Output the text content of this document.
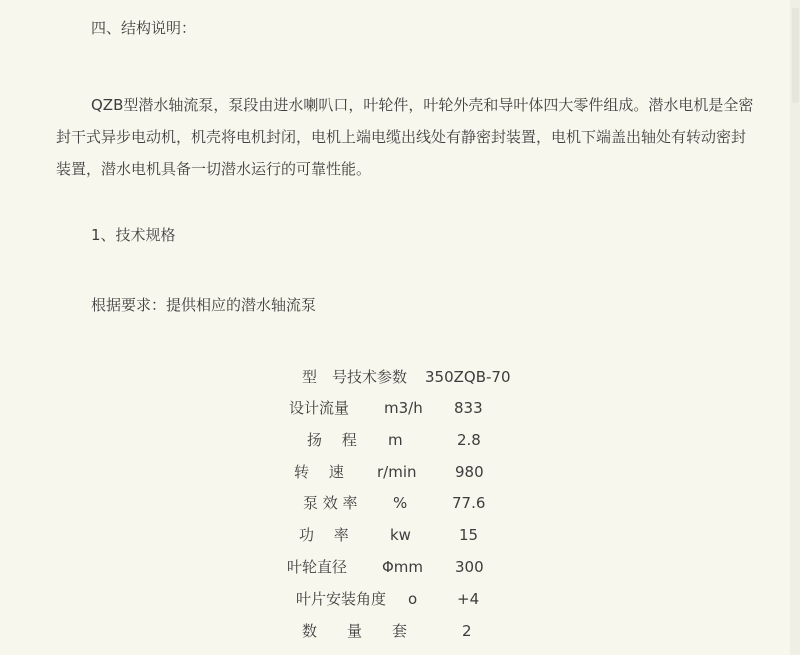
四、结构说明：
QZB型潜水轴流泵，泵段由进水喇叭口，叶轮件，叶轮外壳和导叶体四大零件组成。潜水电机是全密封干式异步电动机，机壳将电机封闭，电机上端电缆出线处有静密封装置，电机下端盖出轴处有转动密封装置，潜水电机具备一切潜水运行的可靠性能。
1、技术规格
根据要求：提供相应的潜水轴流泵
型　号技术参数 350ZQB-70
设计流量 m3/h 833
扬　 程 m	2.8
转　 速 r/min	980
泵 效 率 %	77.6
功　 率	kw	15
叶轮直径 Φmm 300
叶片安装角度 o	+4
数　　量　　套	2
